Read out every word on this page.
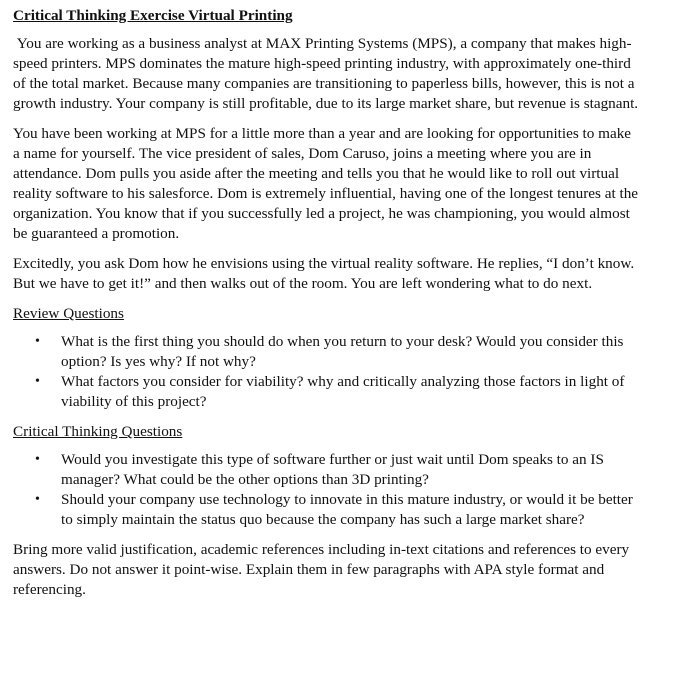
Critical Thinking Exercise Virtual Printing

You are working as a business analyst at MAX Printing Systems (MPS), a company that makes high-speed printers. MPS dominates the mature high-speed printing industry, with approximately one-third of the total market. Because many companies are transitioning to paperless bills, however, this is not a growth industry. Your company is still profitable, due to its large market share, but revenue is stagnant.

You have been working at MPS for a little more than a year and are looking for opportunities to make a name for yourself. The vice president of sales, Dom Caruso, joins a meeting where you are in attendance. Dom pulls you aside after the meeting and tells you that he would like to roll out virtual reality software to his salesforce. Dom is extremely influential, having one of the longest tenures at the organization. You know that if you successfully led a project, he was championing, you would almost be guaranteed a promotion.

Excitedly, you ask Dom how he envisions using the virtual reality software. He replies, “I don’t know. But we have to get it!” and then walks out of the room. You are left wondering what to do next.

Review Questions
• What is the first thing you should do when you return to your desk? Would you consider this option? Is yes why? If not why?
• What factors you consider for viability? why and critically analyzing those factors in light of viability of this project?
Critical Thinking Questions
• Would you investigate this type of software further or just wait until Dom speaks to an IS manager? What could be the other options than 3D printing?
• Should your company use technology to innovate in this mature industry, or would it be better to simply maintain the status quo because the company has such a large market share?

Bring more valid justification, academic references including in-text citations and references to every answers. Do not answer it point-wise. Explain them in few paragraphs with APA style format and referencing.
